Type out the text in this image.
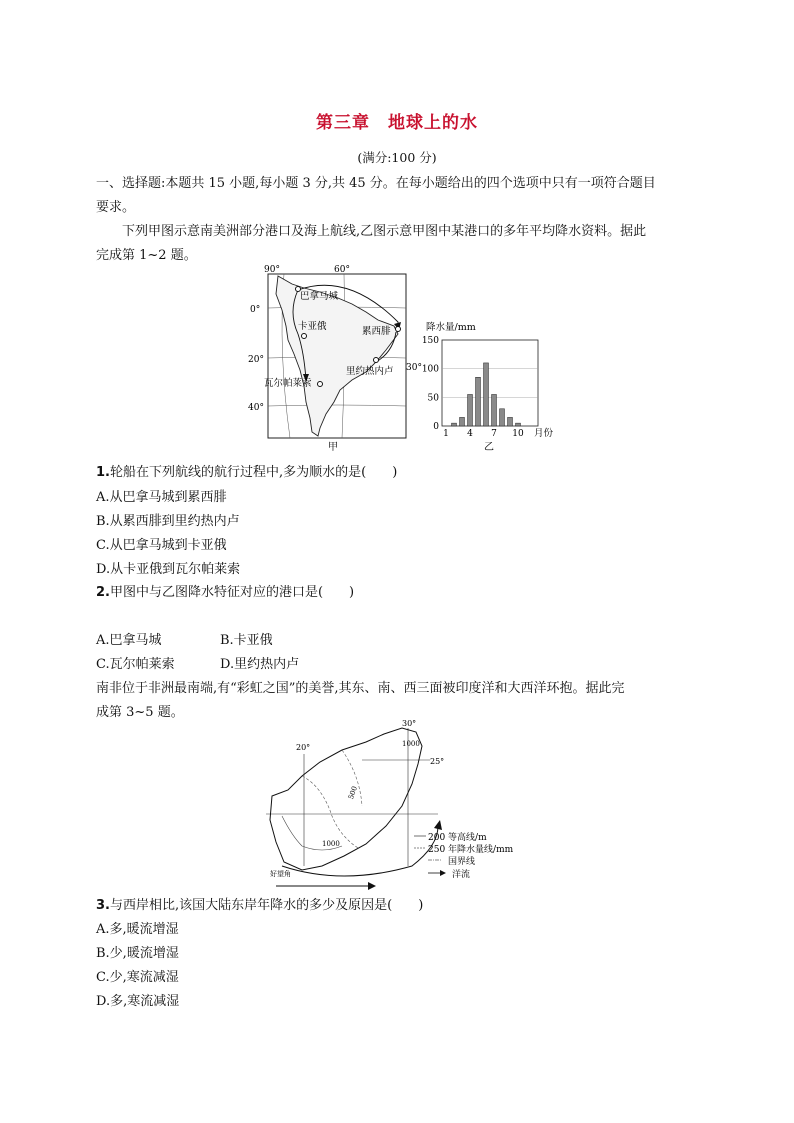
第三章　地球上的水
(满分:100 分)
一、选择题:本题共 15 小题,每小题 3 分,共 45 分。在每小题给出的四个选项中只有一项符合题目
要求。
下列甲图示意南美洲部分港口及海上航线,乙图示意甲图中某港口的多年平均降水资料。据此
完成第 1~2 题。
90°	60°
0°
20°
40°
30°
巴拿马城
卡亚俄	累西腓
里约热内卢
瓦尔帕莱索
甲
降水量/mm
150
100
50
0
1 4 7 10 月份
乙
1.轮船在下列航线的航行过程中,多为顺水的是(　　)
A.从巴拿马城到累西腓
B.从累西腓到里约热内卢
C.从巴拿马城到卡亚俄
D.从卡亚俄到瓦尔帕莱索
2.甲图中与乙图降水特征对应的港口是(　　)
A.巴拿马城	B.卡亚俄
C.瓦尔帕莱索	D.里约热内卢
南非位于非洲最南端,有“彩虹之国”的美誉,其东、南、西三面被印度洋和大西洋环抱。据此完
成第 3~5 题。
30°
20°
25°
500
1000
1000
好望角
200 等高线/m
250 年降水量线/mm
国界线
洋流
3.与西岸相比,该国大陆东岸年降水的多少及原因是(　　)
A.多,暖流增湿
B.少,暖流增湿
C.少,寒流减湿
D.多,寒流减湿
